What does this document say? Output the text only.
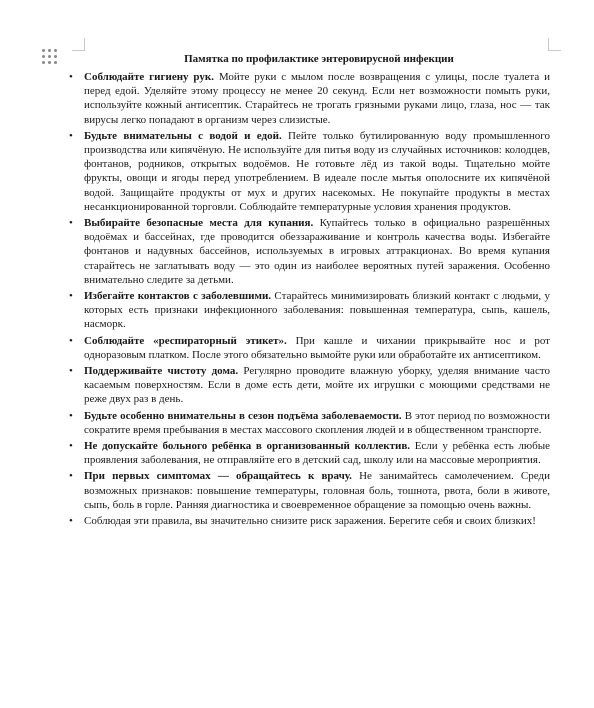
Памятка по профилактике энтеровирусной инфекции
• Соблюдайте гигиену рук. Мойте руки с мылом после возвращения с улицы, после туалета и перед едой. Уделяйте этому процессу не менее 20 секунд. Если нет возможности помыть руки, используйте кожный антисептик. Старайтесь не трогать грязными руками лицо, глаза, нос — так вирусы легко попадают в организм через слизистые.
• Будьте внимательны с водой и едой. Пейте только бутилированную воду промышленного производства или кипячёную. Не используйте для питья воду из случайных источников: колодцев, фонтанов, родников, открытых водоёмов. Не готовьте лёд из такой воды. Тщательно мойте фрукты, овощи и ягоды перед употреблением. В идеале после мытья ополосните их кипячёной водой. Защищайте продукты от мух и других насекомых. Не покупайте продукты в местах несанкционированной торговли. Соблюдайте температурные условия хранения продуктов.
• Выбирайте безопасные места для купания. Купайтесь только в официально разрешённых водоёмах и бассейнах, где проводится обеззараживание и контроль качества воды. Избегайте фонтанов и надувных бассейнов, используемых в игровых аттракционах. Во время купания старайтесь не заглатывать воду — это один из наиболее вероятных путей заражения. Особенно внимательно следите за детьми.
• Избегайте контактов с заболевшими. Старайтесь минимизировать близкий контакт с людьми, у которых есть признаки инфекционного заболевания: повышенная температура, сыпь, кашель, насморк.
• Соблюдайте «респираторный этикет». При кашле и чихании прикрывайте нос и рот одноразовым платком. После этого обязательно вымойте руки или обработайте их антисептиком.
• Поддерживайте чистоту дома. Регулярно проводите влажную уборку, уделяя внимание часто касаемым поверхностям. Если в доме есть дети, мойте их игрушки с моющими средствами не реже двух раз в день.
• Будьте особенно внимательны в сезон подъёма заболеваемости. В этот период по возможности сократите время пребывания в местах массового скопления людей и в общественном транспорте.
• Не допускайте больного ребёнка в организованный коллектив. Если у ребёнка есть любые проявления заболевания, не отправляйте его в детский сад, школу или на массовые мероприятия.
• При первых симптомах — обращайтесь к врачу. Не занимайтесь самолечением. Среди возможных признаков: повышение температуры, головная боль, тошнота, рвота, боли в животе, сыпь, боль в горле. Ранняя диагностика и своевременное обращение за помощью очень важны.
• Соблюдая эти правила, вы значительно снизите риск заражения. Берегите себя и своих близких!
